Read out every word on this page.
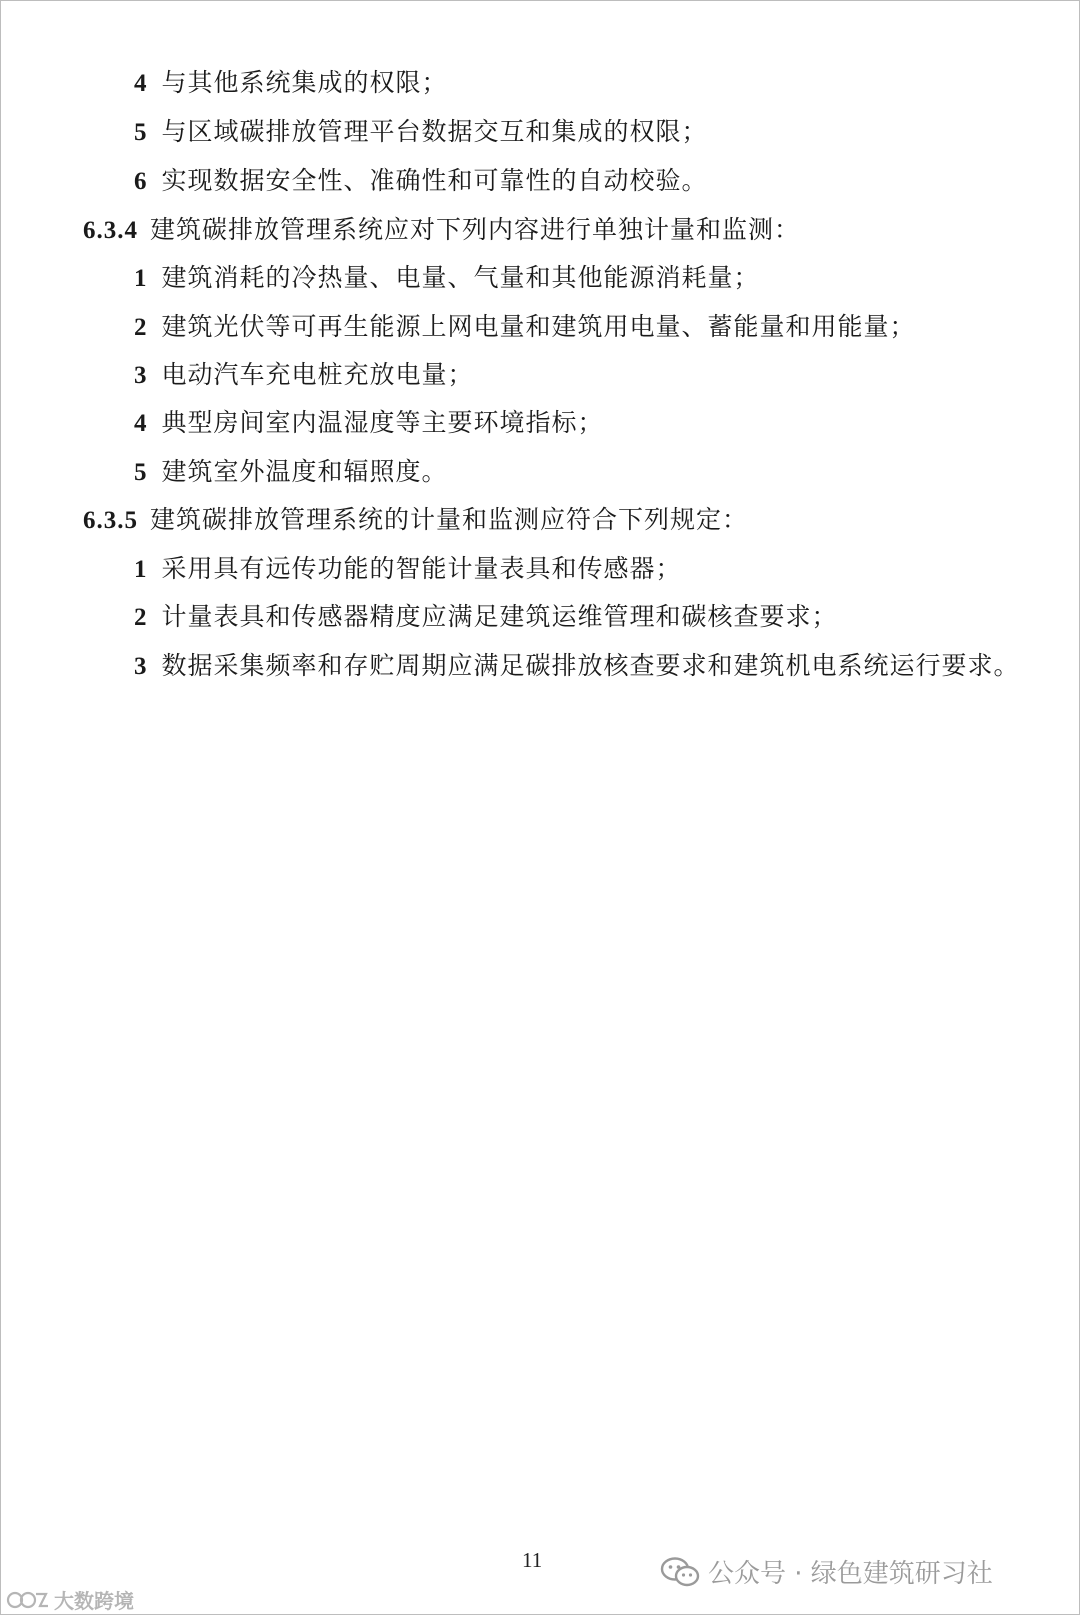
4 与其他系统集成的权限；
5 与区域碳排放管理平台数据交互和集成的权限；
6 实现数据安全性、准确性和可靠性的自动校验。
6.3.4 建筑碳排放管理系统应对下列内容进行单独计量和监测：
1 建筑消耗的冷热量、电量、气量和其他能源消耗量；
2 建筑光伏等可再生能源上网电量和建筑用电量、蓄能量和用能量；
3 电动汽车充电桩充放电量；
4 典型房间室内温湿度等主要环境指标；
5 建筑室外温度和辐照度。
6.3.5 建筑碳排放管理系统的计量和监测应符合下列规定：
1 采用具有远传功能的智能计量表具和传感器；
2 计量表具和传感器精度应满足建筑运维管理和碳核查要求；
3 数据采集频率和存贮周期应满足碳排放核查要求和建筑机电系统运行要求。
11	公众号 · 绿色建筑研习社
大数跨境
